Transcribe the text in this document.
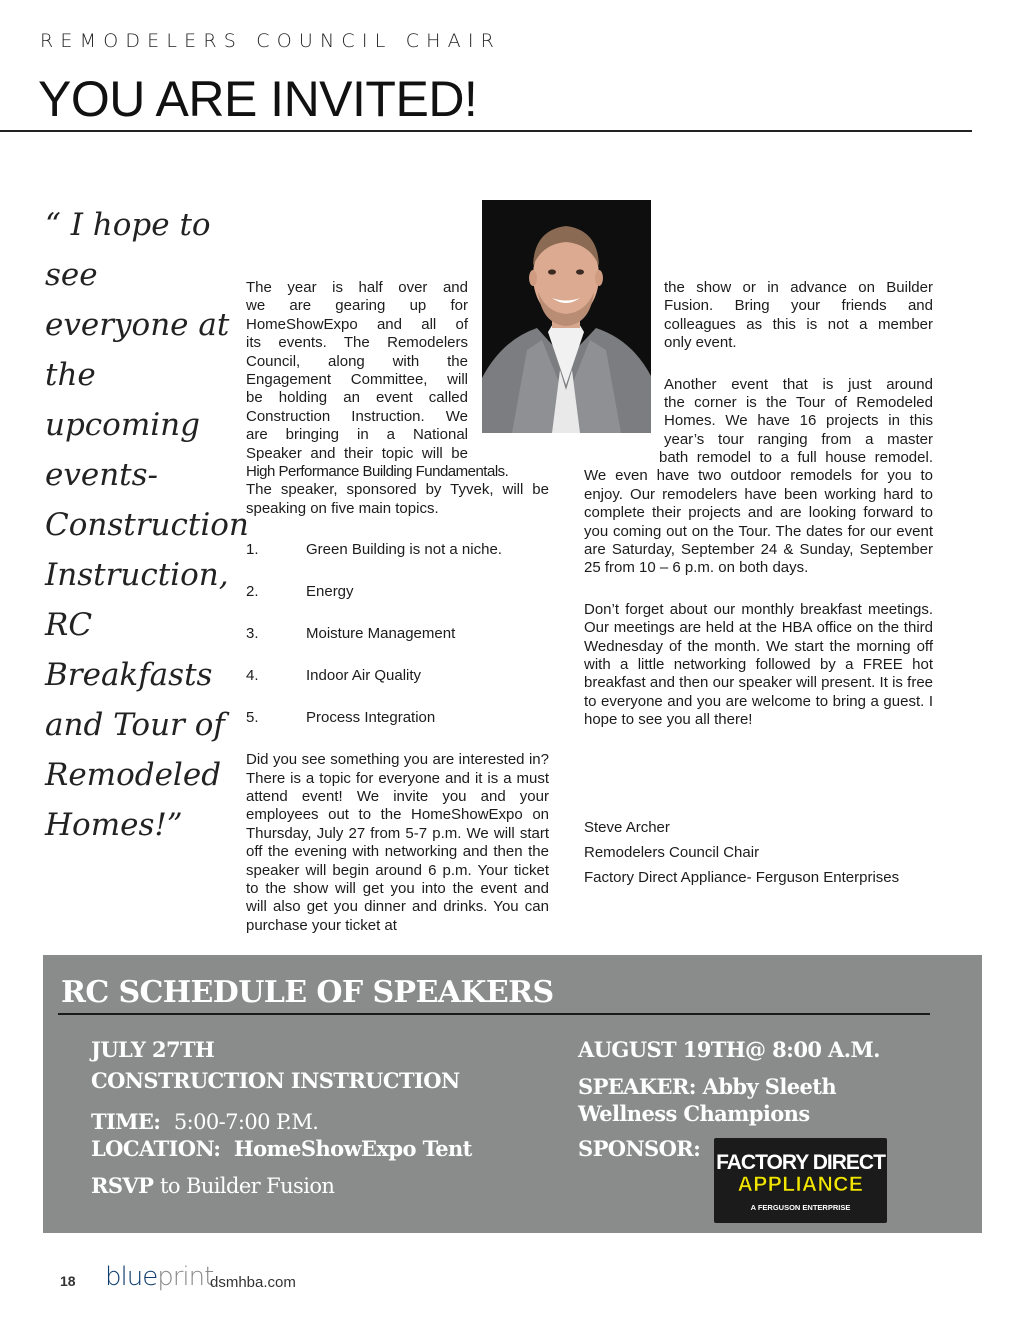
REMODELERS COUNCIL CHAIR
YOU ARE INVITED!
“ I hope to see
everyone at
the upcoming
events-
Construction
Instruction,
RC
Breakfasts
and Tour of
Remodeled
Homes!”
The year is half over and
we are gearing up for
HomeShowExpo and all of
its events. The Remodelers
Council, along with the
Engagement Committee, will
be holding an event called
Construction Instruction. We
are bringing in a National
Speaker and their topic will be
High Performance Building Fundamentals.

The speaker, sponsored by Tyvek, will be speaking on five main topics.

1.	Green Building is not a niche.
2.	Energy
3.	Moisture Management
4.	Indoor Air Quality
5.	Process Integration

Did you see something you are interested in? There is a topic for everyone and it is a must attend event! We invite you and your employees out to the HomeShowExpo on Thursday, July 27 from 5-7 p.m. We will start off the evening with networking and then the speaker will begin around 6 p.m. Your ticket to the show will get you into the event and will also get you dinner and drinks. You can purchase your ticket at

the show or in advance on Builder
Fusion. Bring your friends and
colleagues as this is not a member
only event.
Another event that is just around
the corner is the Tour of Remodeled
Homes. We have 16 projects in this
year’s tour ranging from a master
bath remodel to a full house remodel.

We even have two outdoor remodels for you to enjoy. Our remodelers have been working hard to complete their projects and are looking forward to you coming out on the Tour. The dates for our event are Saturday, September 24 & Sunday, September 25 from 10 – 6 p.m. on both days.

Don’t forget about our monthly breakfast meetings. Our meetings are held at the HBA office on the third Wednesday of the month. We start the morning off with a little networking followed by a FREE hot breakfast and then our speaker will present. It is free to everyone and you are welcome to bring a guest. I hope to see you all there!

Steve Archer
Remodelers Council Chair
Factory Direct Appliance- Ferguson Enterprises
RC SCHEDULE OF SPEAKERS
JULY 27TH
CONSTRUCTION INSTRUCTION
TIME: 5:00-7:00 P.M.
LOCATION: HomeShowExpo Tent
RSVP to Builder Fusion
AUGUST 19TH@ 8:00 A.M.
SPEAKER: Abby Sleeth
Wellness Champions
SPONSOR:
FACTORY DIRECT
APPLIANCE
A FERGUSON ENTERPRISE
18 blueprint
dsmhba.com
